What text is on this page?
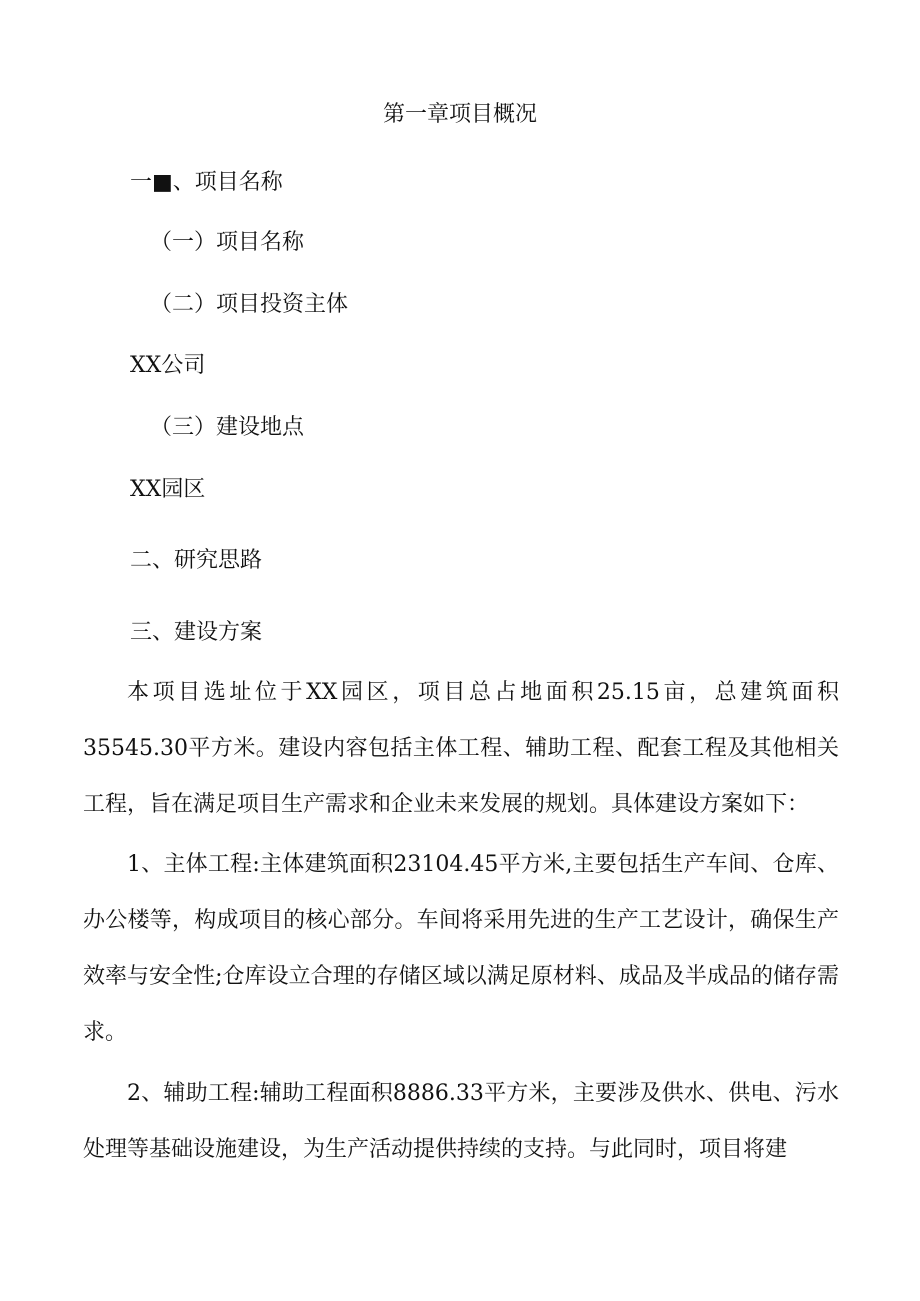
第一章项目概况
一■、项目名称
（一）项目名称
（二）项目投资主体
XX公司
（三）建设地点
XX园区
二、研究思路
三、建设方案
本项目选址位于XX园区，项目总占地面积25.15亩，总建筑面积35545.30平方米。建设内容包括主体工程、辅助工程、配套工程及其他相关工程，旨在满足项目生产需求和企业未来发展的规划。具体建设方案如下：
1、主体工程:主体建筑面积23104.45平方米,主要包括生产车间、仓库、办公楼等，构成项目的核心部分。车间将采用先进的生产工艺设计，确保生产效率与安全性;仓库设立合理的存储区域以满足原材料、成品及半成品的储存需求。
2、辅助工程:辅助工程面积8886.33平方米，主要涉及供水、供电、污水处理等基础设施建设，为生产活动提供持续的支持。与此同时，项目将建
